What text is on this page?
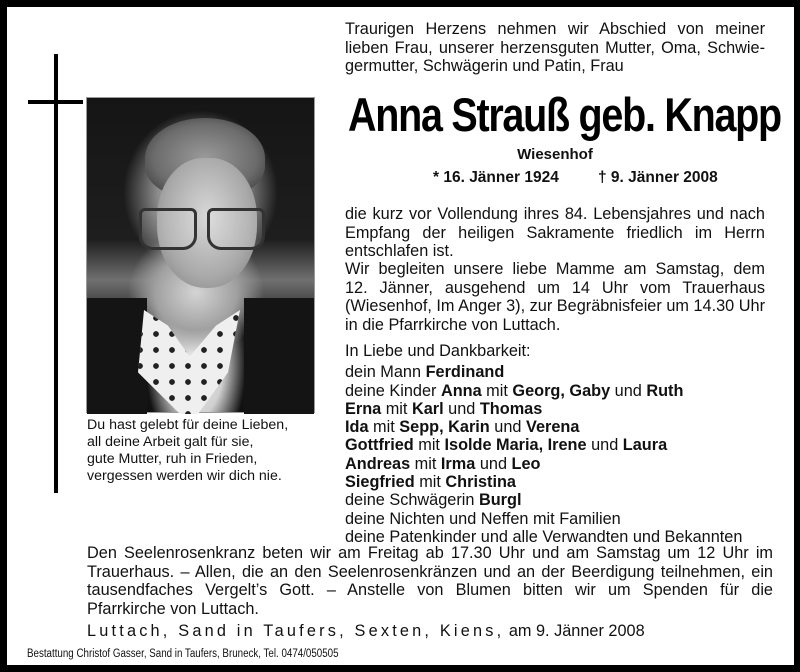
Du hast gelebt für deine Lieben,
all deine Arbeit galt für sie,
gute Mutter, ruh in Frieden,
vergessen werden wir dich nie.
Traurigen Herzens nehmen wir Abschied von meiner
lieben Frau, unserer herzensguten Mutter, Oma, Schwie-
germutter, Schwägerin und Patin, Frau
Anna Strauß geb. Knapp
Wiesenhof
* 16. Jänner 1924	† 9. Jänner 2008
die kurz vor Vollendung ihres 84. Lebensjahres und nach
Empfang der heiligen Sakramente friedlich im Herrn
entschlafen ist.
Wir begleiten unsere liebe Mamme am Samstag, dem
12. Jänner, ausgehend um 14 Uhr vom Trauerhaus
(Wiesenhof, Im Anger 3), zur Begräbnisfeier um 14.30 Uhr
in die Pfarrkirche von Luttach.
In Liebe und Dankbarkeit:
dein Mann Ferdinand
deine Kinder Anna mit Georg, Gaby und Ruth
Erna mit Karl und Thomas
Ida mit Sepp, Karin und Verena
Gottfried mit Isolde Maria, Irene und Laura
Andreas mit Irma und Leo
Siegfried mit Christina
deine Schwägerin Burgl
deine Nichten und Neffen mit Familien
deine Patenkinder und alle Verwandten und Bekannten
Den Seelenrosenkranz beten wir am Freitag ab 17.30 Uhr und am Samstag um 12 Uhr im
Trauerhaus. – Allen, die an den Seelenrosenkränzen und an der Beerdigung teilnehmen, ein
tausendfaches Vergelt’s Gott. – Anstelle von Blumen bitten wir um Spenden für die
Pfarrkirche von Luttach.
Luttach, Sand in Taufers, Sexten, Kiens, am 9. Jänner 2008
Bestattung Christof Gasser, Sand in Taufers, Bruneck, Tel. 0474/050505
